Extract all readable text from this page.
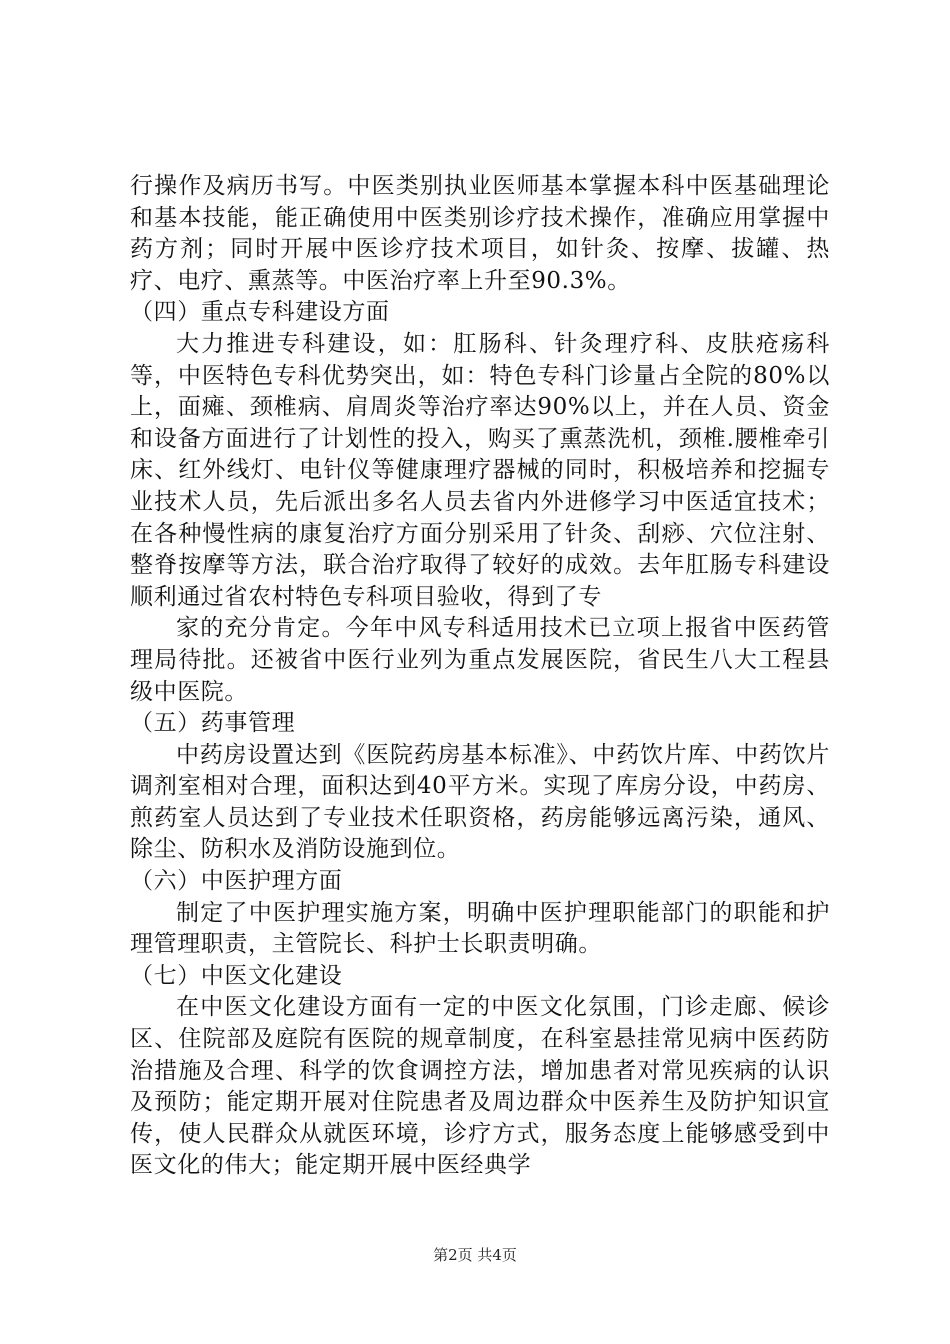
行操作及病历书写。中医类别执业医师基本掌握本科中医基础理论和基本技能，能正确使用中医类别诊疗技术操作，准确应用掌握中药方剂；同时开展中医诊疗技术项目，如针灸、按摩、拔罐、热疗、电疗、熏蒸等。中医治疗率上升至90.3%。

（四）重点专科建设方面

大力推进专科建设，如：肛肠科、针灸理疗科、皮肤疮疡科等，中医特色专科优势突出，如：特色专科门诊量占全院的80%以上，面瘫、颈椎病、肩周炎等治疗率达90%以上，并在人员、资金和设备方面进行了计划性的投入，购买了熏蒸洗机，颈椎.腰椎牵引床、红外线灯、电针仪等健康理疗器械的同时，积极培养和挖掘专业技术人员，先后派出多名人员去省内外进修学习中医适宜技术；在各种慢性病的康复治疗方面分别采用了针灸、刮痧、穴位注射、整脊按摩等方法，联合治疗取得了较好的成效。去年肛肠专科建设顺利通过省农村特色专科项目验收，得到了专

家的充分肯定。今年中风专科适用技术已立项上报省中医药管理局待批。还被省中医行业列为重点发展医院，省民生八大工程县级中医院。

（五）药事管理

中药房设置达到《医院药房基本标准》、中药饮片库、中药饮片调剂室相对合理，面积达到40平方米。实现了库房分设，中药房、煎药室人员达到了专业技术任职资格，药房能够远离污染，通风、除尘、防积水及消防设施到位。

（六）中医护理方面

制定了中医护理实施方案，明确中医护理职能部门的职能和护理管理职责，主管院长、科护士长职责明确。

（七）中医文化建设

在中医文化建设方面有一定的中医文化氛围，门诊走廊、候诊区、住院部及庭院有医院的规章制度，在科室悬挂常见病中医药防治措施及合理、科学的饮食调控方法，增加患者对常见疾病的认识及预防；能定期开展对住院患者及周边群众中医养生及防护知识宣传，使人民群众从就医环境，诊疗方式，服务态度上能够感受到中医文化的伟大；能定期开展中医经典学

第2页 共4页
